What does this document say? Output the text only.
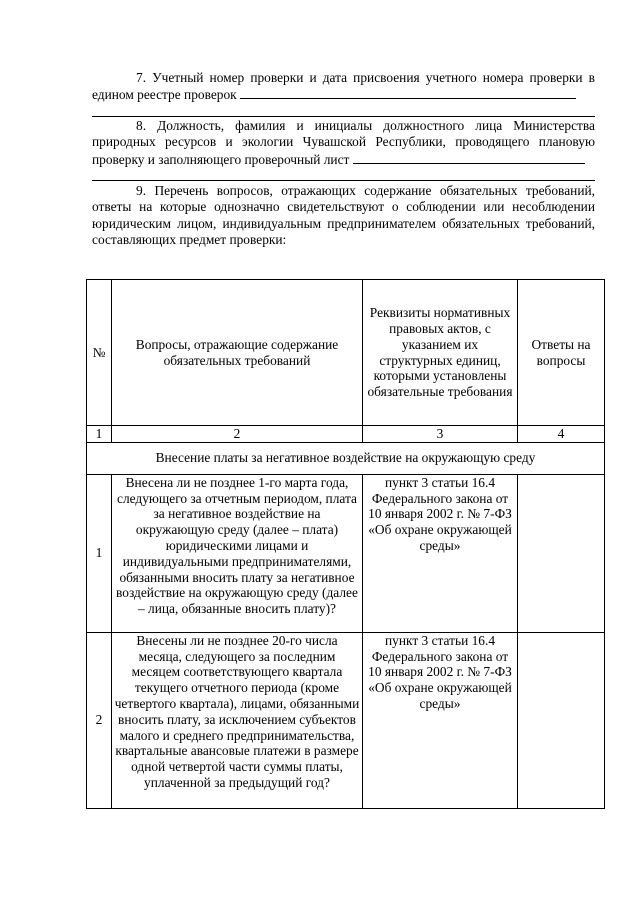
7. Учетный номер проверки и дата присвоения учетного номера проверки в едином реестре проверок
8. Должность, фамилия и инициалы должностного лица Министерства природных ресурсов и экологии Чувашской Республики, проводящего плановую проверку и заполняющего проверочный лист
9. Перечень вопросов, отражающих содержание обязательных требований, ответы на которые однозначно свидетельствуют о соблюдении или несоблюдении юридическим лицом, индивидуальным предпринимателем обязательных требований, составляющих предмет проверки:
№	Вопросы, отражающие содержание обязательных требований	Реквизиты нормативных правовых актов, с указанием их структурных единиц, которыми установлены обязательные требования	Ответы на вопросы
1	2	3	4
Внесение платы за негативное воздействие на окружающую среду			
1	Внесена ли не позднее 1-го марта года, следующего за отчетным периодом, плата за негативное воздействие на окружающую среду (далее – плата) юридическими лицами и индивидуальными предпринимателями, обязанными вносить плату за негативное воздействие на окружающую среду (далее – лица, обязанные вносить плату)?	пункт 3 статьи 16.4 Федерального закона от 10 января 2002 г. № 7-ФЗ «Об охране окружающей среды»	
2	Внесены ли не позднее 20-го числа месяца, следующего за последним месяцем соответствующего квартала текущего отчетного периода (кроме четвертого квартала), лицами, обязанными вносить плату, за исключением субъектов малого и среднего предпринимательства, квартальные авансовые платежи в размере одной четвертой части суммы платы, уплаченной за предыдущий год?	пункт 3 статьи 16.4 Федерального закона от 10 января 2002 г. № 7-ФЗ «Об охране окружающей среды»	
